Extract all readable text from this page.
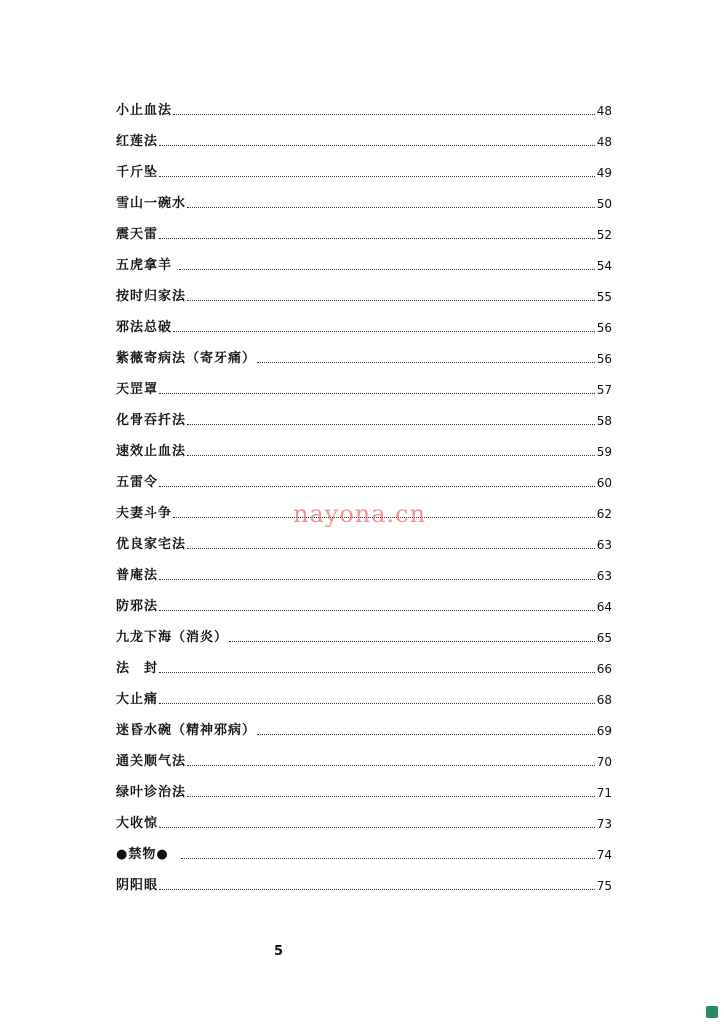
小止血法	48
红莲法	48
千斤坠	49
雪山一碗水	50
震天雷	52
五虎拿羊	54
按时归家法	55
邪法总破	56
紫薇寄病法（寄牙痛）	56
天罡罩	57
化骨吞扦法	58
速效止血法	59
五雷令	60
夫妻斗争	62
优良家宅法	63
普庵法	63
防邪法	64
九龙下海（消炎）	65
法　封	66
大止痛	68
迷昏水碗（精神邪病）	69
通关顺气法	70
绿叶诊治法	71
大收惊	73
●禁物●	74
阴阳眼	75
nayona.cn
5
